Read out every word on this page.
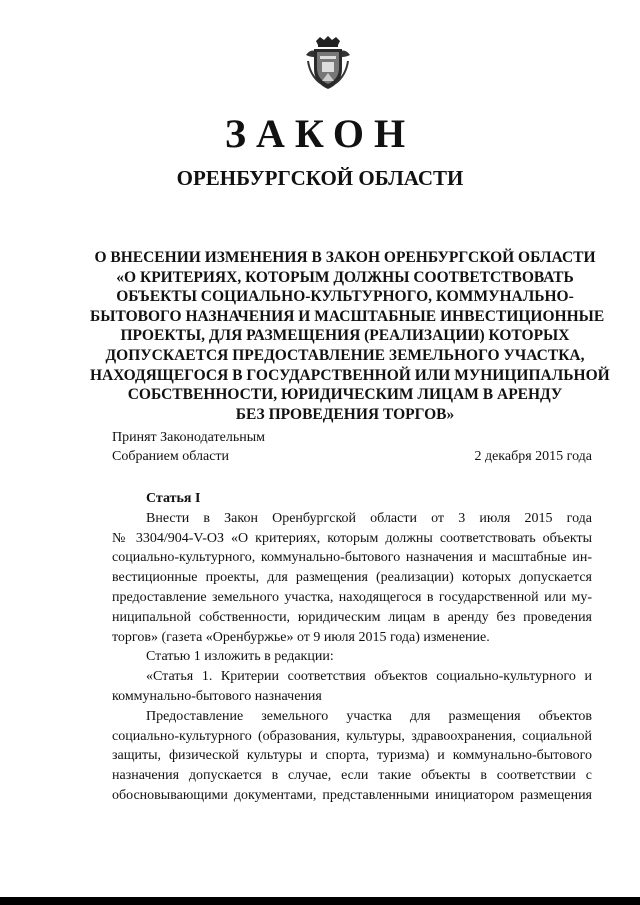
ЗАКОН
ОРЕНБУРГСКОЙ ОБЛАСТИ
О ВНЕСЕНИИ ИЗМЕНЕНИЯ В ЗАКОН ОРЕНБУРГСКОЙ ОБЛАСТИ
«О КРИТЕРИЯХ, КОТОРЫМ ДОЛЖНЫ СООТВЕТСТВОВАТЬ
ОБЪЕКТЫ СОЦИАЛЬНО-КУЛЬТУРНОГО, КОММУНАЛЬНО-
БЫТОВОГО НАЗНАЧЕНИЯ И МАСШТАБНЫЕ ИНВЕСТИЦИОННЫЕ
ПРОЕКТЫ, ДЛЯ РАЗМЕЩЕНИЯ (РЕАЛИЗАЦИИ) КОТОРЫХ
ДОПУСКАЕТСЯ ПРЕДОСТАВЛЕНИЕ ЗЕМЕЛЬНОГО УЧАСТКА,
НАХОДЯЩЕГОСЯ В ГОСУДАРСТВЕННОЙ ИЛИ МУНИЦИПАЛЬНОЙ
СОБСТВЕННОСТИ, ЮРИДИЧЕСКИМ ЛИЦАМ В АРЕНДУ
БЕЗ ПРОВЕДЕНИЯ ТОРГОВ»
Принят Законодательным
Собранием области	2 декабря 2015 года
Статья I
Внести в Закон Оренбургской области от 3 июля 2015 года
№ 3304/904-V-ОЗ «О критериях, которым должны соответствовать объекты
социально-культурного, коммунально-бытового назначения и масштабные ин-
вестиционные проекты, для размещения (реализации) которых допускается
предоставление земельного участка, находящегося в государственной или му-
ниципальной собственности, юридическим лицам в аренду без проведения
торгов» (газета «Оренбуржье» от 9 июля 2015 года) изменение.
Статью 1 изложить в редакции:
«Статья 1. Критерии соответствия объектов социально-культурного и
коммунально-бытового назначения
Предоставление земельного участка для размещения объектов
социально-культурного (образования, культуры, здравоохранения, социальной
защиты, физической культуры и спорта, туризма) и коммунально-бытового
назначения допускается в случае, если такие объекты в соответствии с
обосновывающими документами, представленными инициатором размещения
